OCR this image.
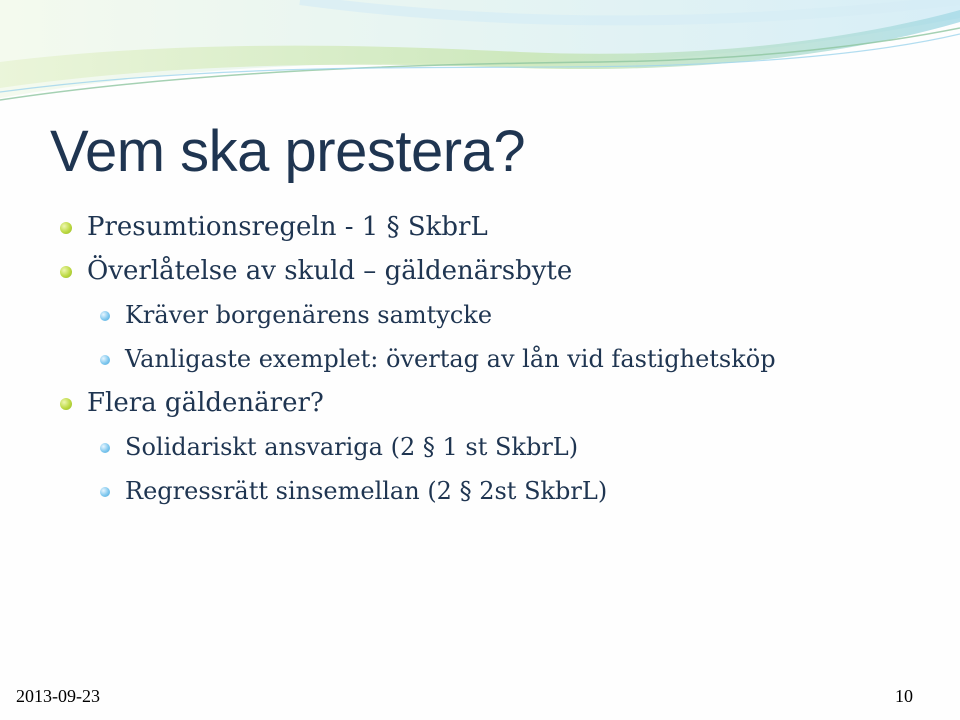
Vem ska prestera?
Presumtionsregeln - 1 § SkbrL
Överlåtelse av skuld – gäldenärsbyte
Kräver borgenärens samtycke
Vanligaste exemplet: övertag av lån vid fastighetsköp
Flera gäldenärer?
Solidariskt ansvariga (2 § 1 st SkbrL)
Regressrätt sinsemellan (2 § 2st SkbrL)
2013-09-23	10
